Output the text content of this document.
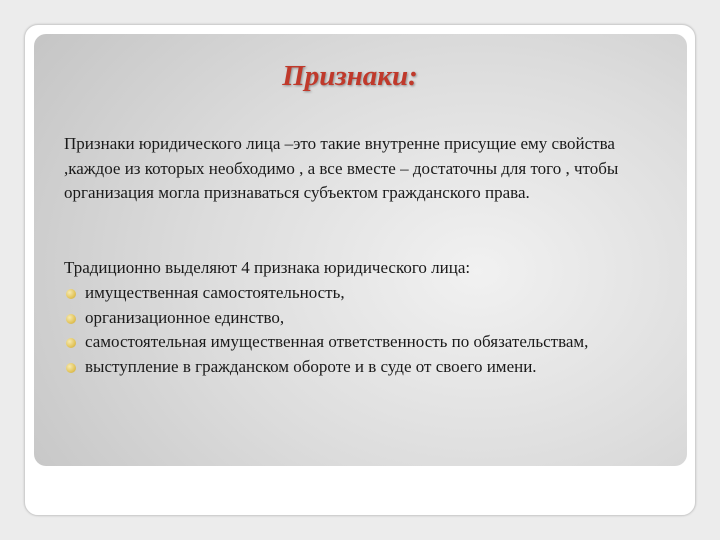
Признаки:
Признаки юридического лица –это такие внутренне присущие ему свойства ,каждое из которых необходимо , а все вместе – достаточны для того , чтобы организация могла признаваться субъектом гражданского права.
Традиционно выделяют 4 признака юридического лица:
имущественная самостоятельность,
организационное единство,
самостоятельная имущественная ответственность по обязательствам,
выступление в гражданском обороте и в суде от своего имени.
